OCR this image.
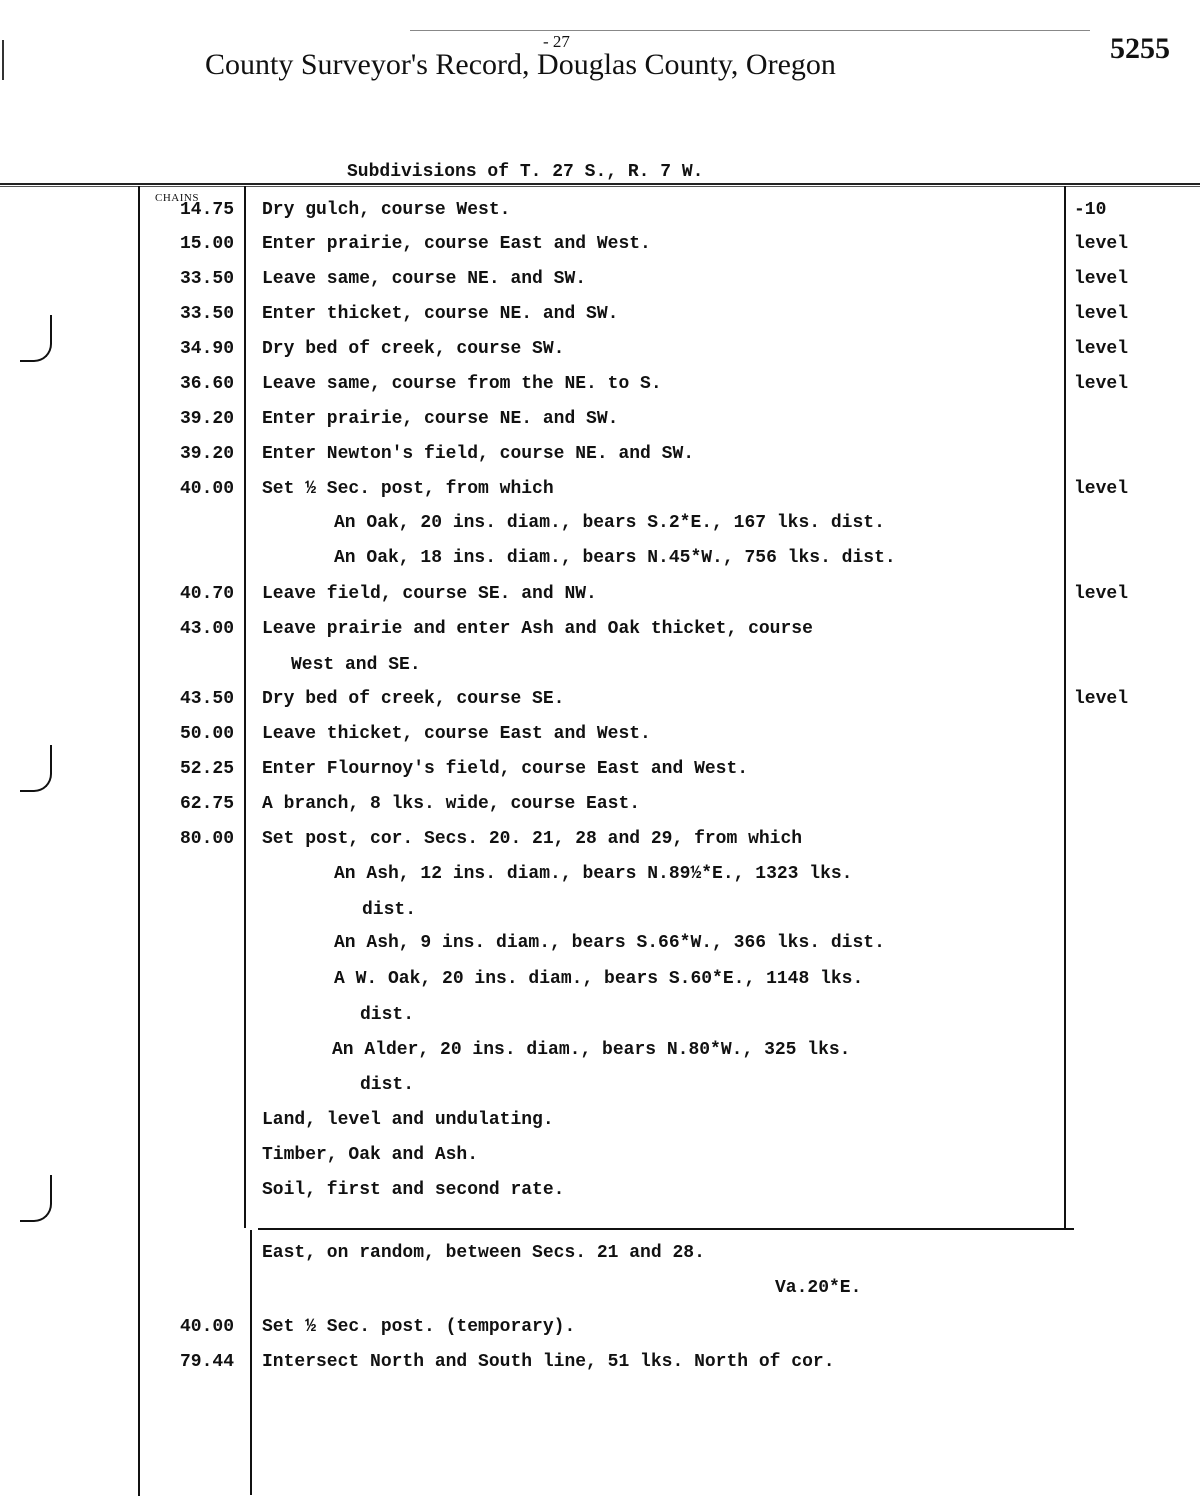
- 27
County Surveyor's Record, Douglas County, Oregon	5255
Subdivisions of T. 27 S., R. 7 W.
CHAINS
14.75 Dry gulch, course West.	-10
15.00 Enter prairie, course East and West.	level
33.50 Leave same, course NE. and SW.	level
33.50 Enter thicket, course NE. and SW.	level
34.90 Dry bed of creek, course SW.	level
36.60 Leave same, course from the NE. to S.	level
39.20 Enter prairie, course NE. and SW.
39.20 Enter Newton's field, course NE. and SW.
40.00 Set ½ Sec. post, from which	level
An Oak, 20 ins. diam., bears S.2*E., 167 lks. dist.
An Oak, 18 ins. diam., bears N.45*W., 756 lks. dist.
40.70 Leave field, course SE. and NW.	level
43.00 Leave prairie and enter Ash and Oak thicket, course
West and SE.
43.50 Dry bed of creek, course SE.	level
50.00 Leave thicket, course East and West.
52.25 Enter Flournoy's field, course East and West.
62.75 A branch, 8 lks. wide, course East.
80.00 Set post, cor. Secs. 20. 21, 28 and 29, from which
An Ash, 12 ins. diam., bears N.89½*E., 1323 lks.
dist.
An Ash, 9 ins. diam., bears S.66*W., 366 lks. dist.
A W. Oak, 20 ins. diam., bears S.60*E., 1148 lks.
dist.
An Alder, 20 ins. diam., bears N.80*W., 325 lks.
dist.
Land, level and undulating.
Timber, Oak and Ash.
Soil, first and second rate.
East, on random, between Secs. 21 and 28.
Va.20*E.
40.00 Set ½ Sec. post. (temporary).
79.44 Intersect North and South line, 51 lks. North of cor.
